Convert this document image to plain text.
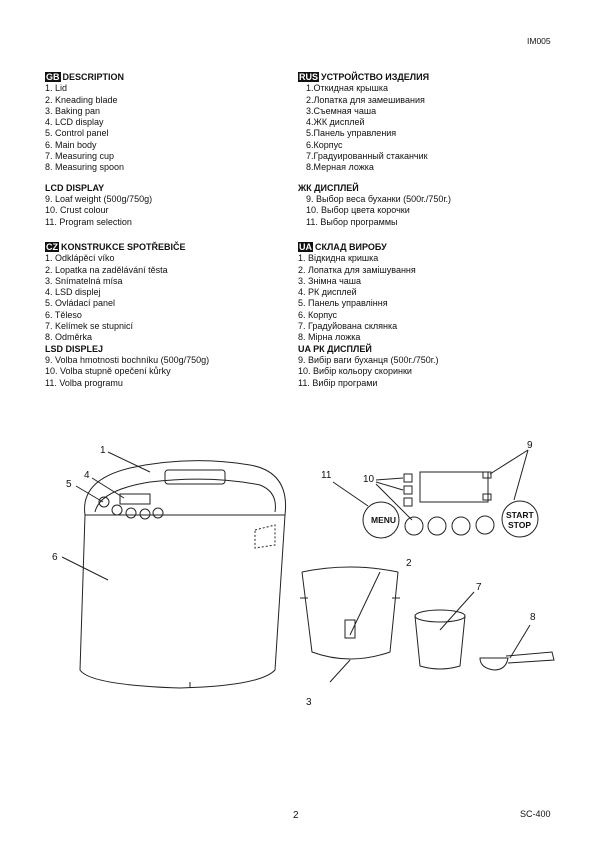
IM005

GB DESCRIPTION

1. Lid
2. Kneading blade
3. Baking pan
4. LCD display
5. Control panel
6. Main body
7. Measuring cup
8. Measuring spoon

LCD DISPLAY

9. Loaf weight (500g/750g)
10. Crust colour
11. Program selection

CZ KONSTRUKCE SPOTŘEBIČE

1. Odklápěcí víko
2. Lopatka na zadělávání těsta
3. Snímatelná mísa
4. LSD displej
5. Ovládací panel
6. Těleso
7. Kelímek se stupnicí
8. Odměrka

LSD DISPLEJ

9. Volba hmotnosti bochníku (500g/750g)
10. Volba stupně opečení kůrky
11. Volba programu

RUS УСТРОЙСТВО ИЗДЕЛИЯ

1.Откидная крышка
2.Лопатка для замешивания
3.Съемная чаша
4.ЖК дисплей
5.Панель управления
6.Корпус
7.Градуированный стаканчик
8.Мерная ложка

ЖК ДИСПЛЕЙ

9. Выбор веса буханки (500г./750г.)
10. Выбор цвета корочки
11. Выбор программы

UA СКЛАД ВИРОБУ

1. Відкидна кришка
2. Лопатка для замішування
3. Знімна чаша
4. РК дисплей
5. Панель управління
6. Корпус
7. Градуйована склянка
8. Мірна ложка

UA РК ДИСПЛЕЙ

9. Вибір ваги буханця (500г./750г.)
10. Вибір кольору скоринки
11. Вибір програми
1
4
5
6
MENU	START
STOP
9
10
11
2
3
7
8
2	SC-400
